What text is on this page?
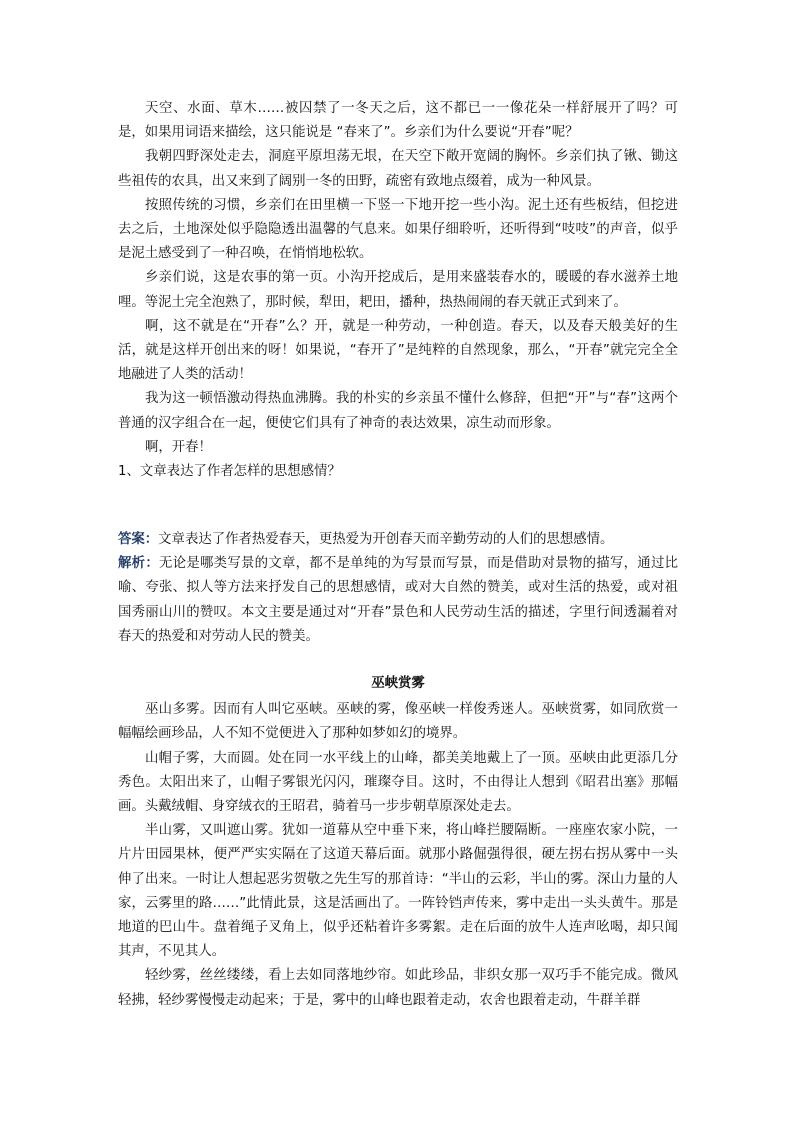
天空、水面、草木……被囚禁了一冬天之后，这不都已一一像花朵一样舒展开了吗？可是，如果用词语来描绘，这只能说是 “春来了”。乡亲们为什么要说“开春”呢？

我朝四野深处走去，洞庭平原坦荡无垠，在天空下敞开宽阔的胸怀。乡亲们执了锹、锄这些祖传的农具，出又来到了阔别一冬的田野，疏密有致地点缀着，成为一种风景。

按照传统的习惯，乡亲们在田里横一下竖一下地开挖一些小沟。泥土还有些板结，但挖进去之后，土地深处似乎隐隐透出温馨的气息来。如果仔细聆听，还听得到“吱吱”的声音，似乎是泥土感受到了一种召唤，在悄悄地松软。

乡亲们说，这是农事的第一页。小沟开挖成后，是用来盛装春水的，暖暖的春水滋养土地哩。等泥土完全泡熟了，那时候，犁田，耙田，播种，热热闹闹的春天就正式到来了。

啊，这不就是在“开春”么？开，就是一种劳动，一种创造。春天，以及春天般美好的生活，就是这样开创出来的呀！如果说，“春开了”是纯粹的自然现象，那么，“开春”就完完全全地融进了人类的活动！

我为这一顿悟激动得热血沸腾。我的朴实的乡亲虽不懂什么修辞，但把“开”与“春”这两个普通的汉字组合在一起，便使它们具有了神奇的表达效果，凉生动而形象。

啊，开春！

1、文章表达了作者怎样的思想感情？

答案：文章表达了作者热爱春天，更热爱为开创春天而辛勤劳动的人们的思想感情。

解析：无论是哪类写景的文章，都不是单纯的为写景而写景，而是借助对景物的描写，通过比喻、夸张、拟人等方法来抒发自己的思想感情，或对大自然的赞美，或对生活的热爱，或对祖国秀丽山川的赞叹。本文主要是通过对“开春”景色和人民劳动生活的描述，字里行间透漏着对春天的热爱和对劳动人民的赞美。

巫峡赏雾

巫山多雾。因而有人叫它巫峡。巫峡的雾，像巫峡一样俊秀迷人。巫峡赏雾，如同欣赏一幅幅绘画珍品，人不知不觉便进入了那种如梦如幻的境界。

山帽子雾，大而圆。处在同一水平线上的山峰，都美美地戴上了一顶。巫峡由此更添几分秀色。太阳出来了，山帽子雾银光闪闪，璀璨夺目。这时，不由得让人想到《昭君出塞》那幅画。头戴绒帽、身穿绒衣的王昭君，骑着马一步步朝草原深处走去。

半山雾，又叫遮山雾。犹如一道幕从空中垂下来，将山峰拦腰隔断。一座座农家小院，一片片田园果林，便严严实实隔在了这道天幕后面。就那小路倔强得很，硬左拐右拐从雾中一头伸了出来。一时让人想起恶劣贺敬之先生写的那首诗：“半山的云彩，半山的雾。深山力量的人家，云雾里的路……”此情此景，这是活画出了。一阵铃铛声传来，雾中走出一头头黄牛。那是地道的巴山牛。盘着绳子叉角上，似乎还粘着许多雾絮。走在后面的放牛人连声吆喝，却只闻其声，不见其人。

轻纱雾，丝丝缕缕，看上去如同落地纱帘。如此珍品，非织女那一双巧手不能完成。微风轻拂，轻纱雾慢慢走动起来；于是，雾中的山峰也跟着走动，农舍也跟着走动，牛群羊群
